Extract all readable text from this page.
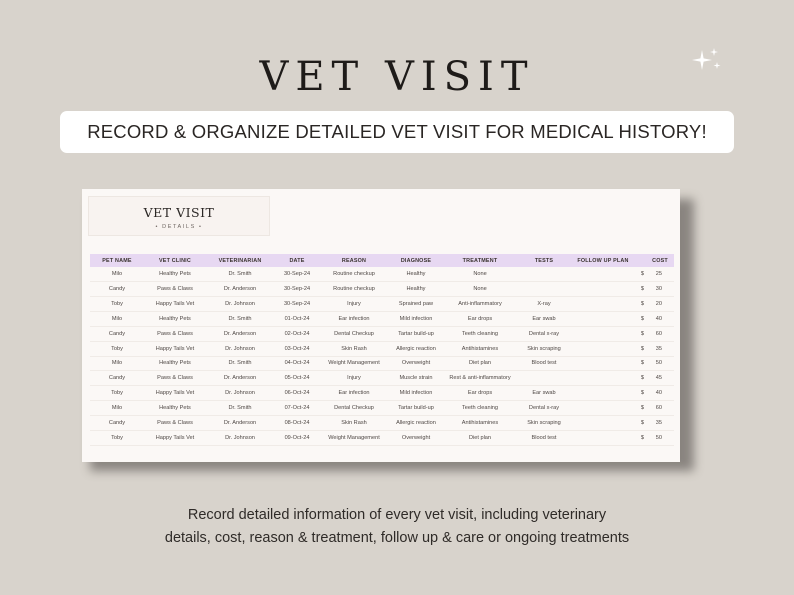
VET VISIT
RECORD & ORGANIZE DETAILED VET VISIT FOR MEDICAL HISTORY!
VET VISIT
• DETAILS •
PET NAME	VET CLINIC	VETERINARIAN	DATE	REASON	DIAGNOSE	TREATMENT	TESTS	FOLLOW UP PLAN		COST
Milo	Healthy Pets	Dr. Smith	30-Sep-24	Routine checkup	Healthy	None			$	25
Candy	Paws & Claws	Dr. Anderson	30-Sep-24	Routine checkup	Healthy	None			$	30
Toby	Happy Tails Vet	Dr. Johnson	30-Sep-24	Injury	Sprained paw	Anti-inflammatory	X-ray		$	20
Milo	Healthy Pets	Dr. Smith	01-Oct-24	Ear infection	Mild infection	Ear drops	Ear swab		$	40
Candy	Paws & Claws	Dr. Anderson	02-Oct-24	Dental Checkup	Tartar build-up	Teeth cleaning	Dental x-ray		$	60
Toby	Happy Tails Vet	Dr. Johnson	03-Oct-24	Skin Rash	Allergic reaction	Antihistamines	Skin scraping		$	35
Milo	Healthy Pets	Dr. Smith	04-Oct-24	Weight Management	Overweight	Diet plan	Blood test		$	50
Candy	Paws & Claws	Dr. Anderson	05-Oct-24	Injury	Muscle strain	Rest & anti-inflammatory			$	45
Toby	Happy Tails Vet	Dr. Johnson	06-Oct-24	Ear infection	Mild infection	Ear drops	Ear swab		$	40
Milo	Healthy Pets	Dr. Smith	07-Oct-24	Dental Checkup	Tartar build-up	Teeth cleaning	Dental x-ray		$	60
Candy	Paws & Claws	Dr. Anderson	08-Oct-24	Skin Rash	Allergic reaction	Antihistamines	Skin scraping		$	35
Toby	Happy Tails Vet	Dr. Johnson	09-Oct-24	Weight Management	Overweight	Diet plan	Blood test		$	50
Record detailed information of every vet visit, including veterinary
details, cost, reason & treatment, follow up & care or ongoing treatments
